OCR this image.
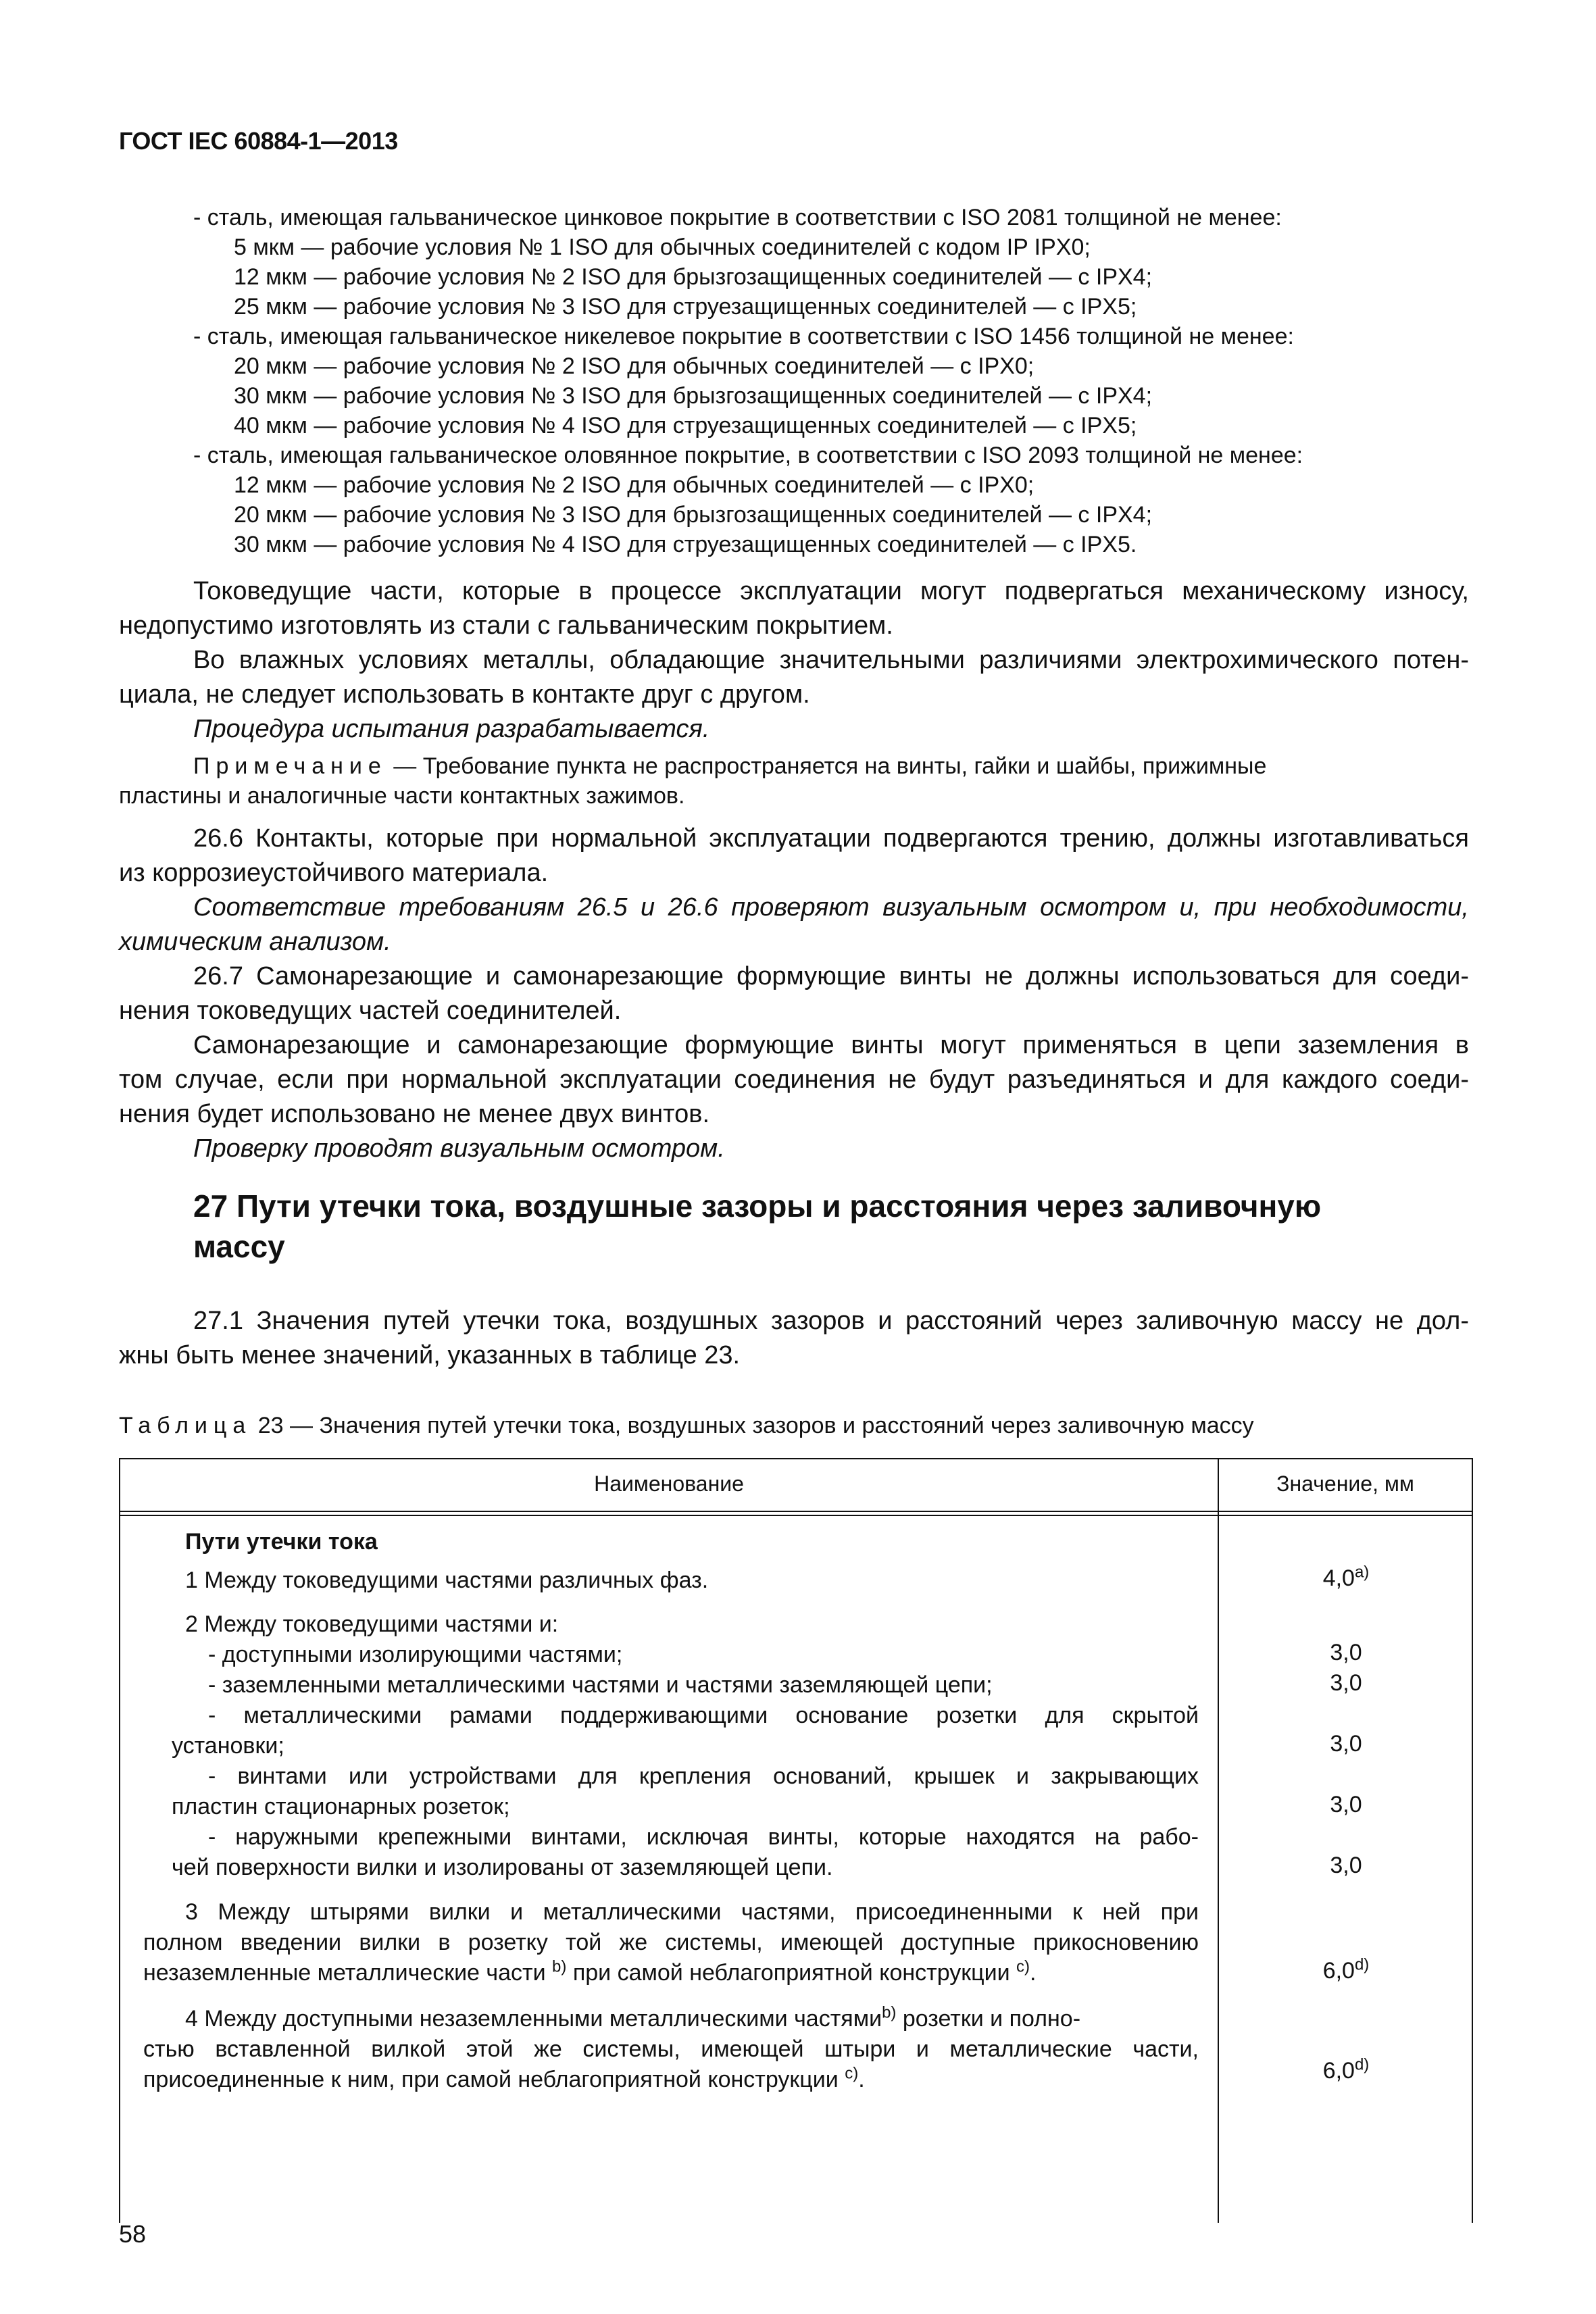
ГОСТ IEC 60884-1—2013
- сталь, имеющая гальваническое цинковое покрытие в соответствии с ISO 2081 толщиной не менее:
5 мкм — рабочие условия № 1 ISO для обычных соединителей с кодом IP IPX0;
12 мкм — рабочие условия № 2 ISO для брызгозащищенных соединителей — с IPX4;
25 мкм — рабочие условия № 3 ISO для струезащищенных соединителей — с IPX5;
- сталь, имеющая гальваническое никелевое покрытие в соответствии с ISO 1456 толщиной не менее:
20 мкм — рабочие условия № 2 ISO для обычных соединителей — с IPX0;
30 мкм — рабочие условия № 3 ISO для брызгозащищенных соединителей — с IPX4;
40 мкм — рабочие условия № 4 ISO для струезащищенных соединителей — с IPX5;
- сталь, имеющая гальваническое оловянное покрытие, в соответствии с ISO 2093 толщиной не менее:
12 мкм — рабочие условия № 2 ISO для обычных соединителей — с IPX0;
20 мкм — рабочие условия № 3 ISO для брызгозащищенных соединителей — с IPX4;
30 мкм — рабочие условия № 4 ISO для струезащищенных соединителей — с IPX5.
Токоведущие части, которые в процессе эксплуатации могут подвергаться механическому износу,
недопустимо изготовлять из стали с гальваническим покрытием.
Во влажных условиях металлы, обладающие значительными различиями электрохимического потен-
циала, не следует использовать в контакте друг с другом.
Процедура испытания разрабатывается.
Примечание — Требование пункта не распространяется на винты, гайки и шайбы, прижимные
пластины и аналогичные части контактных зажимов.
26.6 Контакты, которые при нормальной эксплуатации подвергаются трению, должны изготавливаться
из коррозиеустойчивого материала.
Соответствие требованиям 26.5 и 26.6 проверяют визуальным осмотром и, при необходимости,
химическим анализом.
26.7 Самонарезающие и самонарезающие формующие винты не должны использоваться для соеди-
нения токоведущих частей соединителей.
Самонарезающие и самонарезающие формующие винты могут применяться в цепи заземления в
том случае, если при нормальной эксплуатации соединения не будут разъединяться и для каждого соеди-
нения будет использовано не менее двух винтов.
Проверку проводят визуальным осмотром.
27 Пути утечки тока, воздушные зазоры и расстояния через заливочную
массу
27.1 Значения путей утечки тока, воздушных зазоров и расстояний через заливочную массу не дол-
жны быть менее значений, указанных в таблице 23.
Таблица 23 — Значения путей утечки тока, воздушных зазоров и расстояний через заливочную массу
Наименование	Значение, мм
Пути утечки тока
1 Между токоведущими частями различных фаз.	4,0$^{a)}$
2 Между токоведущими частями и:
- доступными изолирующими частями;	3,0
- заземленными металлическими частями и частями заземляющей цепи;	3,0
- металлическими рамами поддерживающими основание розетки для скрытой
установки;	3,0
- винтами или устройствами для крепления оснований, крышек и закрывающих
пластин стационарных розеток;	3,0
- наружными крепежными винтами, исключая винты, которые находятся на рабо-
чей поверхности вилки и изолированы от заземляющей цепи.	3,0
3 Между штырями вилки и металлическими частями, присоединенными к ней при
полном введении вилки в розетку той же системы, имеющей доступные прикосновению
незаземленные металлические части $^{b)}$ при самой неблагоприятной конструкции $^{c)}$.	6,0$^{d)}$
4 Между доступными незаземленными металлическими частями$^{b)}$ розетки и полно-
стью вставленной вилкой этой же системы, имеющей штыри и металлические части,
присоединенные к ним, при самой неблагоприятной конструкции $^{c)}$.	6,0$^{d)}$
58
